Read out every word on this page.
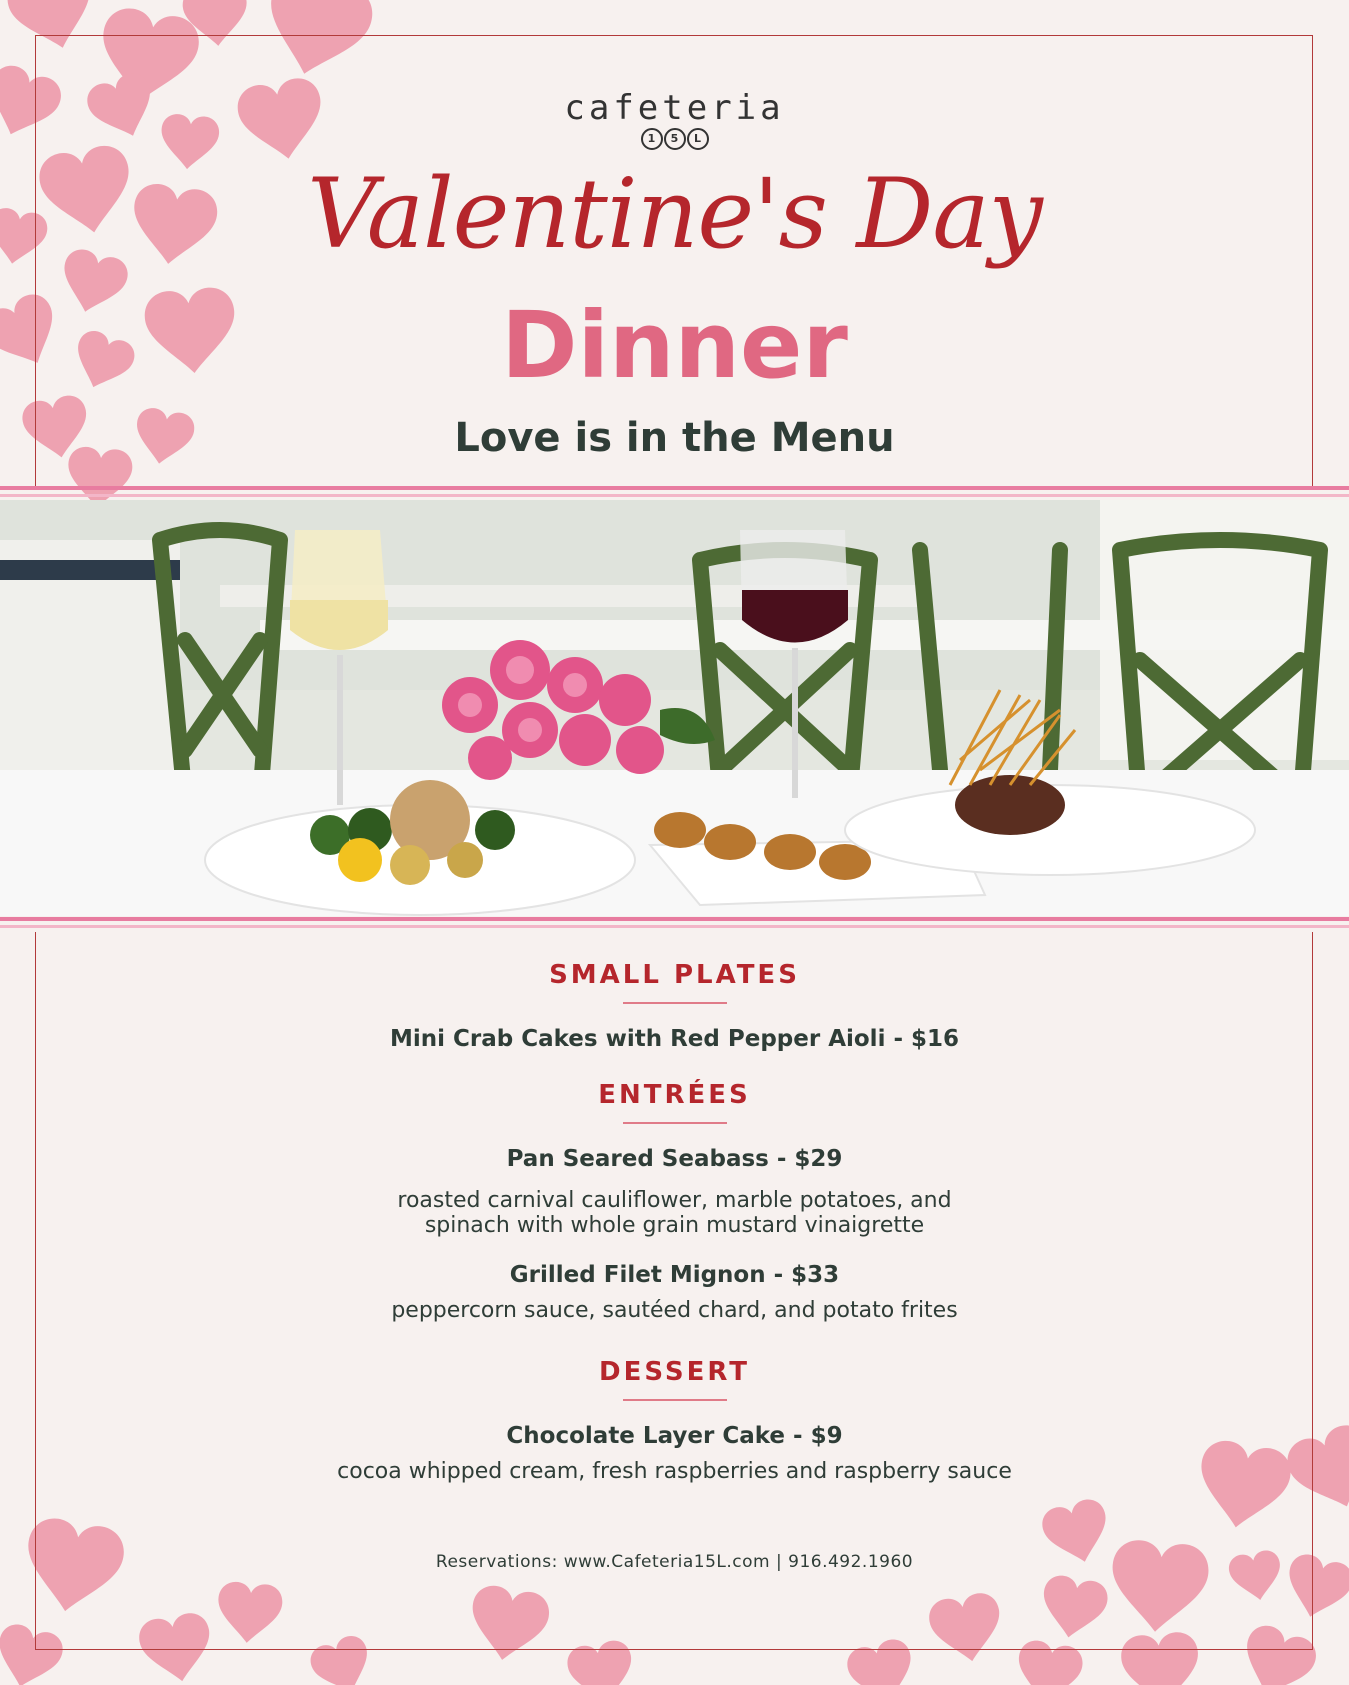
cafeteria
1	5	L
Valentine's Day
Dinner
Love is in the Menu

SMALL PLATES

Mini Crab Cakes with Red Pepper Aioli - $16

ENTRÉES

Pan Seared Seabass - $29

roasted carnival cauliflower, marble potatoes, and
spinach with whole grain mustard vinaigrette

Grilled Filet Mignon - $33

peppercorn sauce, sautéed chard, and potato frites

DESSERT

Chocolate Layer Cake - $9

cocoa whipped cream, fresh raspberries and raspberry sauce

Reservations: www.Cafeteria15L.com | 916.492.1960
